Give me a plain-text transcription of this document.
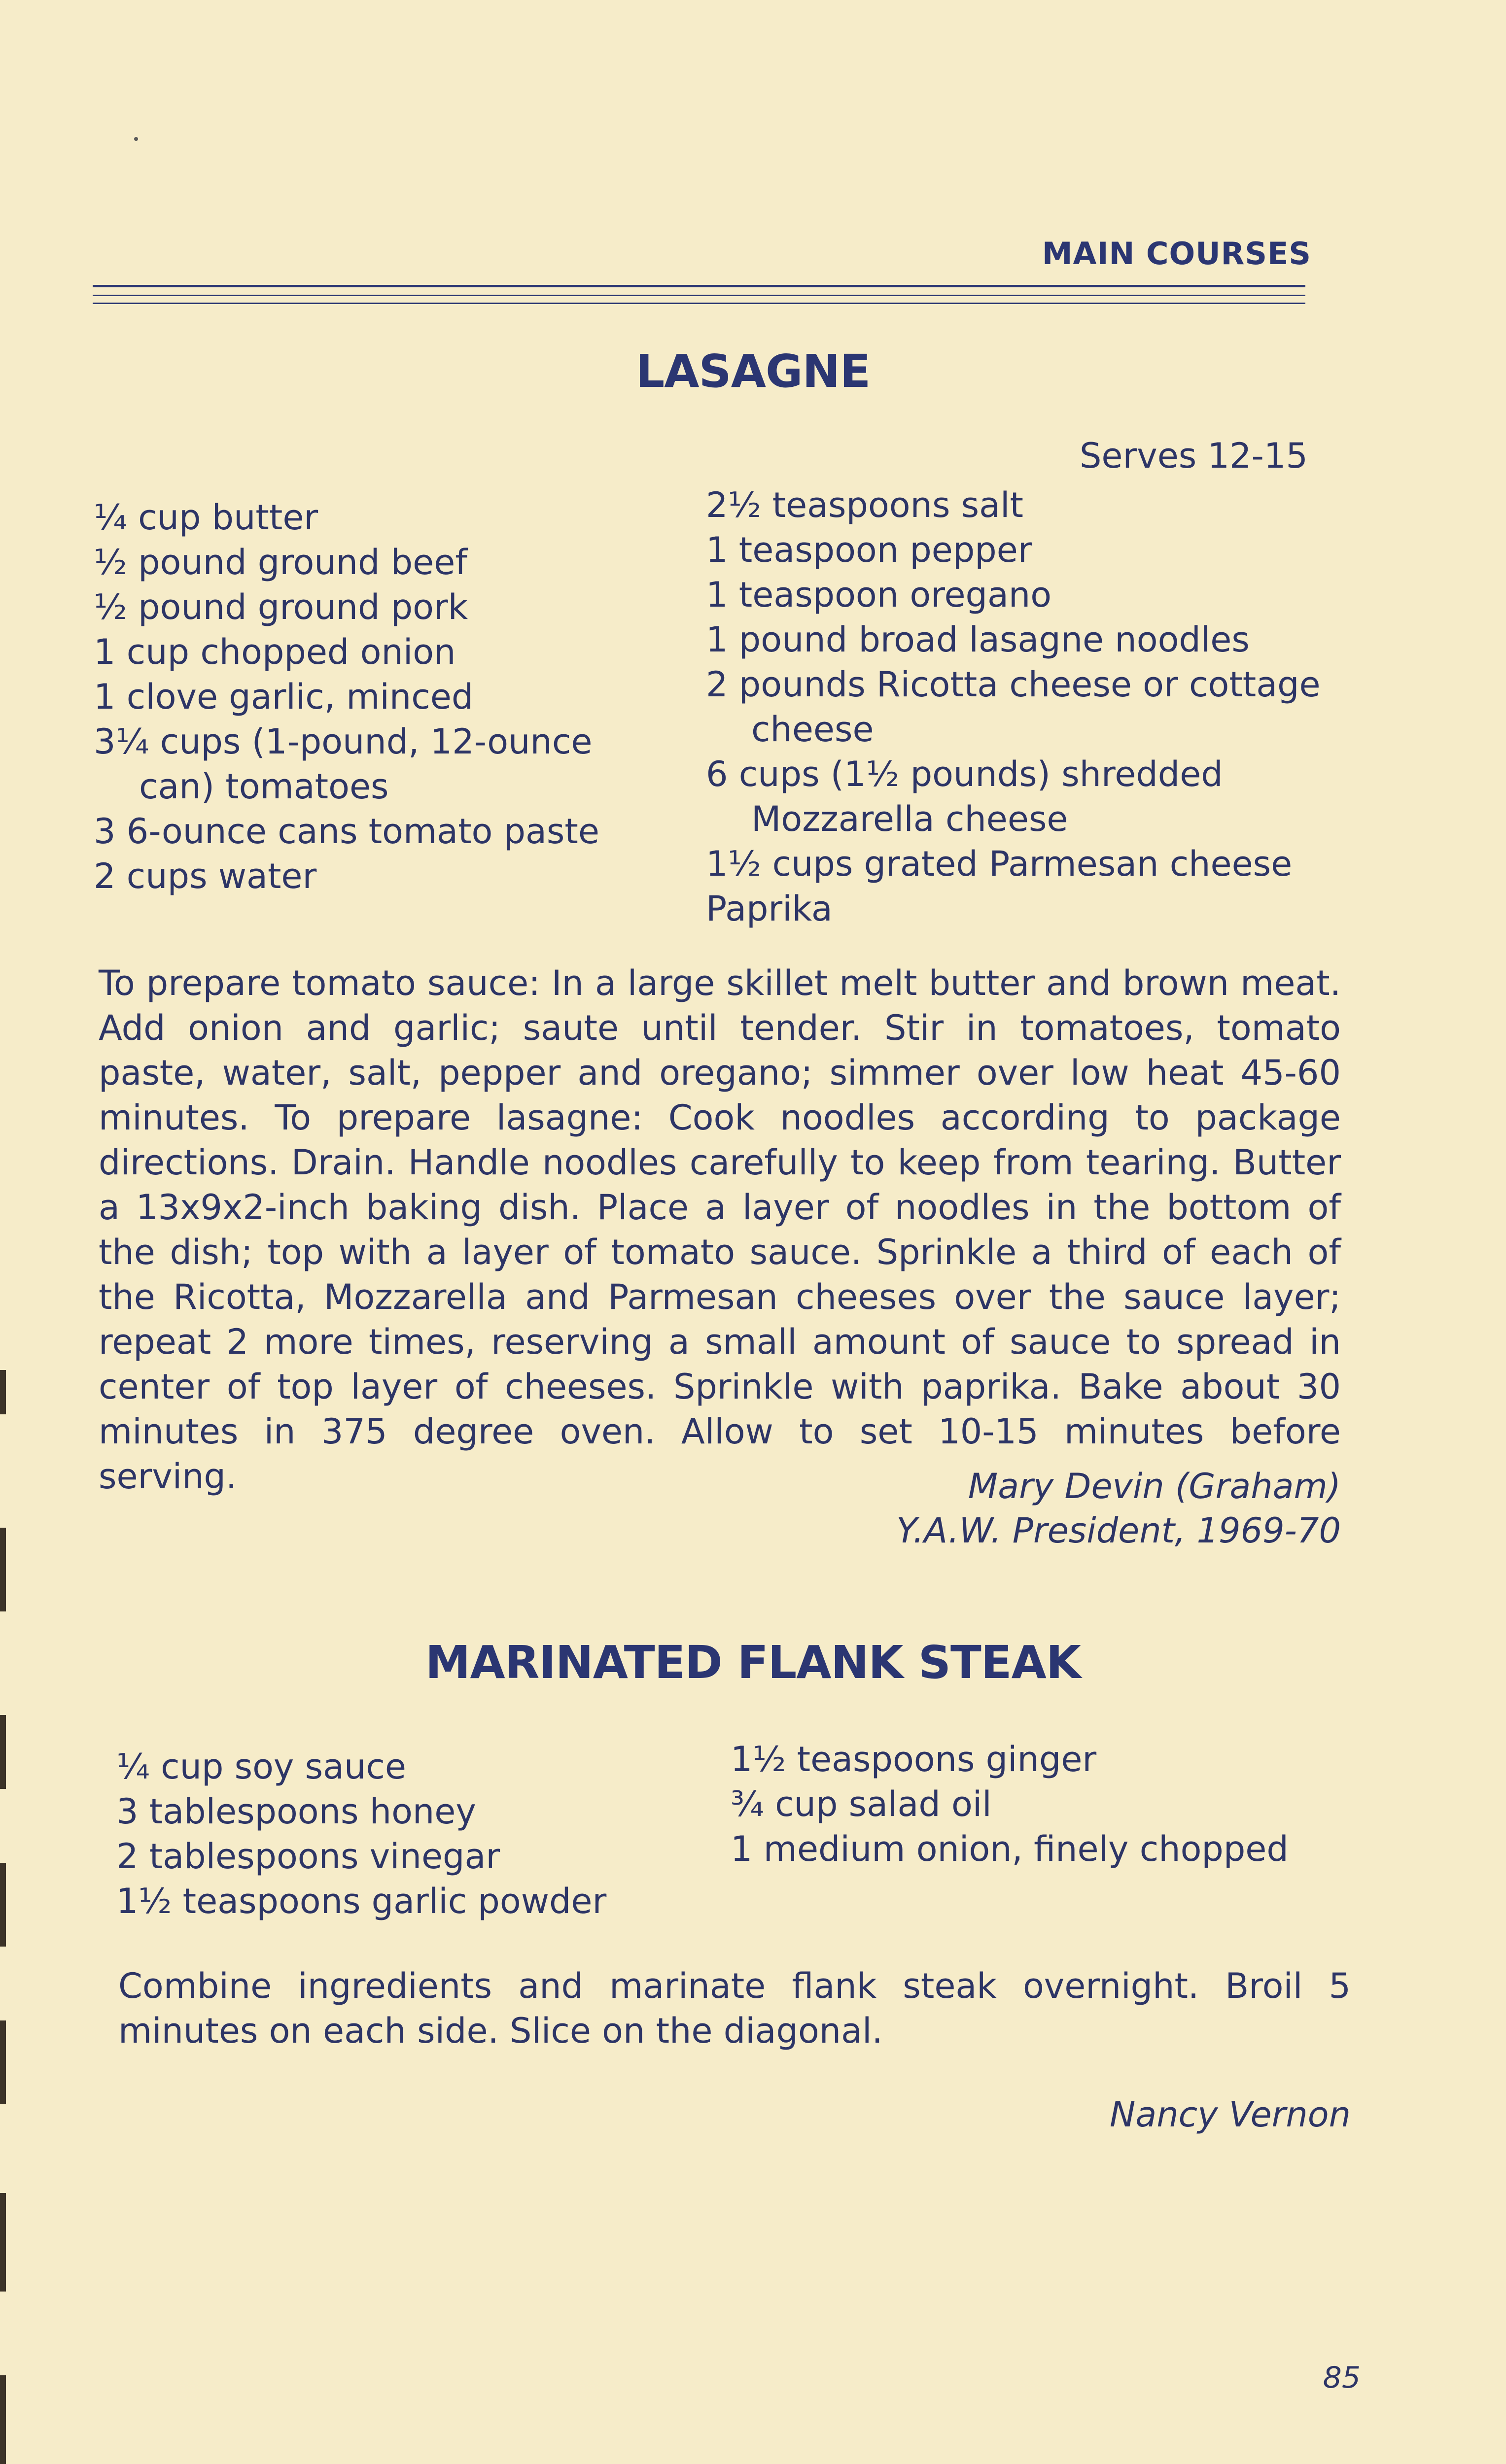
MAIN COURSES
LASAGNE
Serves 12-15
¼ cup butter
½ pound ground beef
½ pound ground pork
1 cup chopped onion
1 clove garlic, minced
3¼ cups (1-pound, 12-ounce
can) tomatoes
3 6-ounce cans tomato paste
2 cups water
2½ teaspoons salt
1 teaspoon pepper
1 teaspoon oregano
1 pound broad lasagne noodles
2 pounds Ricotta cheese or cottage
cheese
6 cups (1½ pounds) shredded
Mozzarella cheese
1½ cups grated Parmesan cheese
Paprika
To prepare tomato sauce: In a large skillet melt butter and brown meat. Add onion and garlic; saute until tender. Stir in tomatoes, tomato paste, water, salt, pepper and oregano; simmer over low heat 45-60 minutes. To prepare lasagne: Cook noodles according to package directions. Drain. Handle noodles carefully to keep from tearing. Butter a 13x9x2-inch baking dish. Place a layer of noodles in the bottom of the dish; top with a layer of tomato sauce. Sprinkle a third of each of the Ricotta, Mozzarella and Parmesan cheeses over the sauce layer; repeat 2 more times, reserving a small amount of sauce to spread in center of top layer of cheeses. Sprinkle with paprika. Bake about 30 minutes in 375 degree oven. Allow to set 10-15 minutes before serving.	Mary Devin (Graham)
Y.A.W. President, 1969-70
MARINATED FLANK STEAK
¼ cup soy sauce
3 tablespoons honey
2 tablespoons vinegar
1½ teaspoons garlic powder
1½ teaspoons ginger
¾ cup salad oil
1 medium onion, finely chopped
Combine ingredients and marinate flank steak overnight. Broil 5 minutes on each side. Slice on the diagonal.
Nancy Vernon
85
